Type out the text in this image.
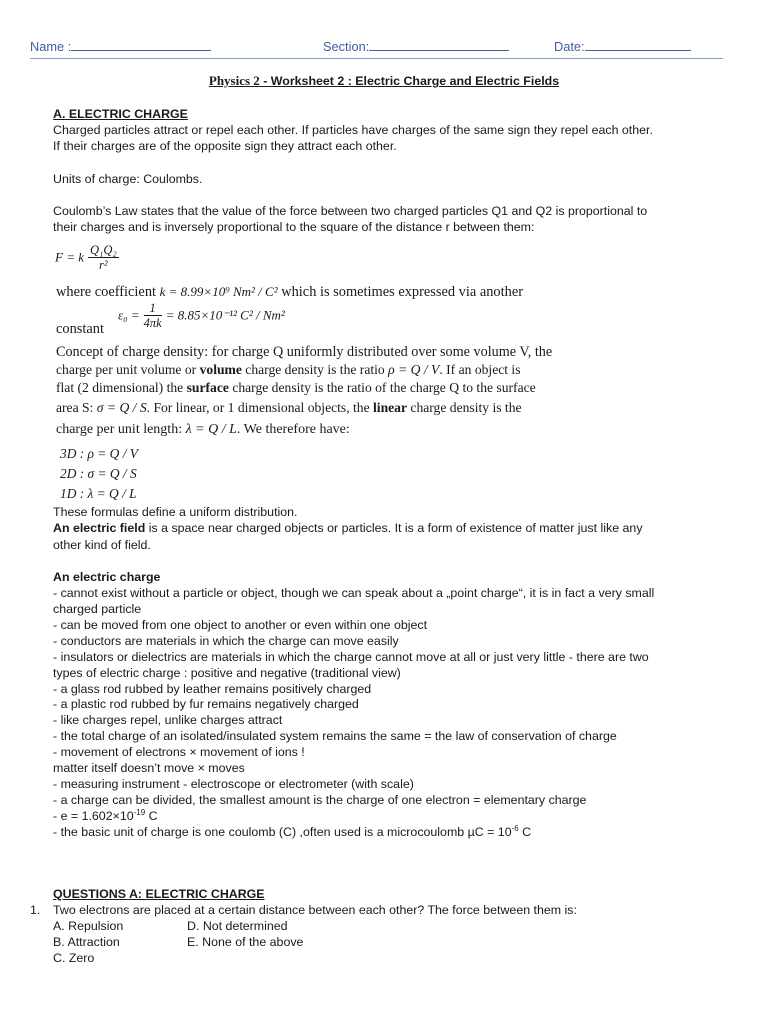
Name :	Section:	Date:
Physics 2 - Worksheet 2 : Electric Charge and Electric Fields
A. ELECTRIC CHARGE
Charged particles attract or repel each other. If particles have charges of the same sign they repel each other.
If their charges are of the opposite sign they attract each other.
Units of charge: Coulombs.
Coulomb’s Law states that the value of the force between two charged particles Q1 and Q2 is proportional to
their charges and is inversely proportional to the square of the distance r between them:
F = k $\frac{\text{Q₁Q₂}}{\text{r²}}$
where coefficient k = 8.99×10⁹ Nm² / C² which is sometimes expressed via another
constant  $\varepsilon_0 = \frac{1}{4\pi k} = 8.85\times 10^{-12}$ C² / Nm²
Concept of charge density: for charge Q uniformly distributed over some volume V, the
charge per unit volume or volume charge density is the ratio ρ = Q / V. If an object is
flat (2 dimensional) the surface charge density is the ratio of the charge Q to the surface
area S: σ = Q / S. For linear, or 1 dimensional objects, the linear charge density is the
charge per unit length: λ = Q / L. We therefore have:
3D : ρ = Q / V
2D : σ = Q / S
1D : λ = Q / L
These formulas define a uniform distribution.
An electric field is a space near charged objects or particles. It is a form of existence of matter just like any
other kind of field.
An electric charge
- cannot exist without a particle or object, though we can speak about a „point charge“, it is in fact a very small
charged particle
- can be moved from one object to another or even within one object
- conductors are materials in which the charge can move easily
- insulators or dielectrics are materials in which the charge cannot move at all or just very little - there are two
types of electric charge : positive and negative (traditional view)
- a glass rod rubbed by leather remains positively charged
- a plastic rod rubbed by fur remains negatively charged
- like charges repel, unlike charges attract
- the total charge of an isolated/insulated system remains the same = the law of conservation of charge
- movement of electrons × movement of ions !
matter itself doesn’t move × moves
- measuring instrument - electroscope or electrometer (with scale)
- a charge can be divided, the smallest amount is the charge of one electron = elementary charge
- $e = 1.602\times 10^{-19}$ C
- the basic unit of charge is one coulomb (C) ,often used is a microcoulomb $\mu C = 10^{-6}$ C
QUESTIONS A: ELECTRIC CHARGE
1. Two electrons are placed at a certain distance between each other? The force between them is:
A. Repulsion	D. Not determined
B. Attraction	E. None of the above
C. Zero
